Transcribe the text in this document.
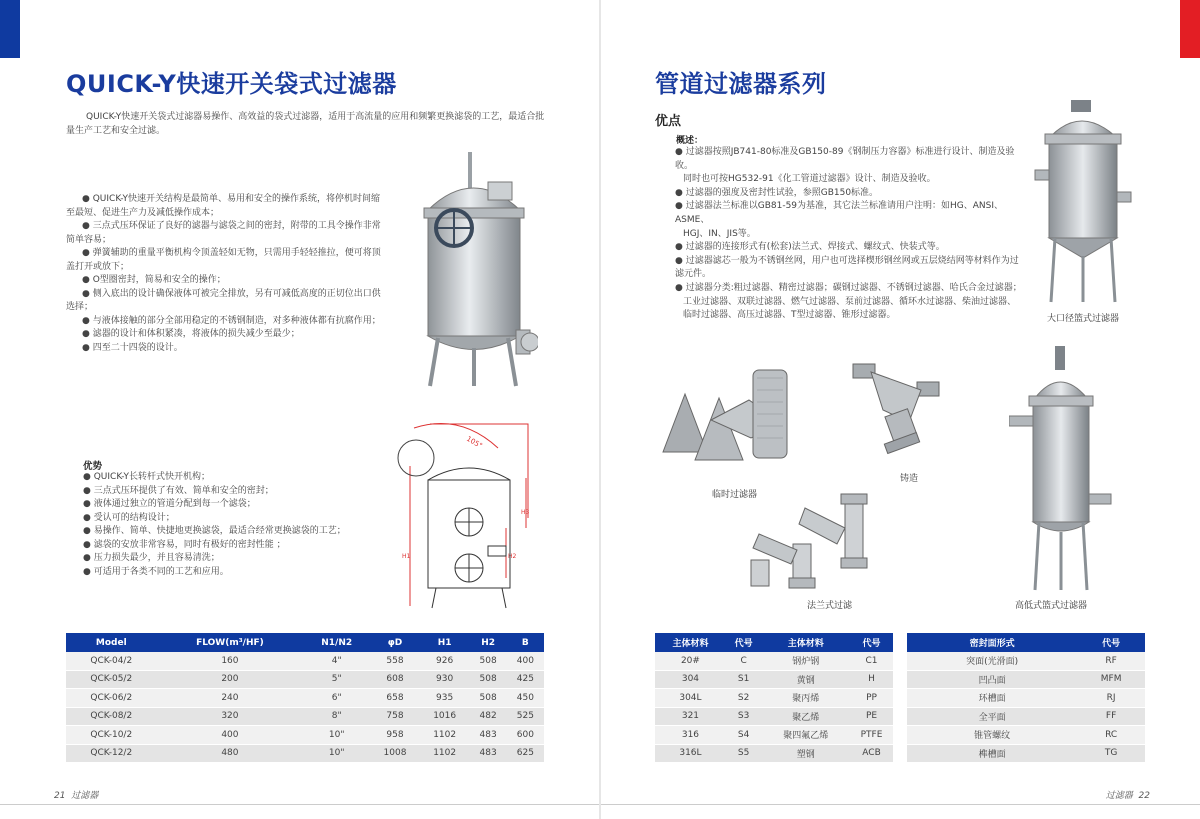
QUICK-Y快速开关袋式过滤器
QUICK-Y快速开关袋式过滤器易操作、高效益的袋式过滤器，适用于高流量的应用和频繁更换滤袋的工艺，最适合批量生产工艺和安全过滤。
● QUICK-Y快速开关结构是最简单、易用和安全的操作系统，将停机时间缩至最短、促进生产力及减低操作成本；
● 三点式压环保证了良好的滤器与滤袋之间的密封，附带的工具令操作非常简单容易；
● 弹簧辅助的重量平衡机构令顶盖轻如无物，只需用手轻轻推拉，便可将顶盖打开或放下；
● O型圈密封，简易和安全的操作；
● 侧入底出的设计确保液体可被完全排放，另有可减低高度的正切位出口供选择；
● 与液体接触的部分全部用稳定的不锈钢制造，对多种液体都有抗腐作用；
● 滤器的设计和体积紧凑，将液体的损失减少至最少；
● 四至二十四袋的设计。
105°
H1	H2
H3
优势
● QUICK-Y长转杆式快开机构；
● 三点式压环提供了有效、简单和安全的密封；
● 液体通过独立的管道分配到每一个滤袋；
● 受认可的结构设计；
● 易操作、简单、快捷地更换滤袋，最适合经常更换滤袋的工艺；
● 滤袋的安放非常容易，同时有极好的密封性能 ；
● 压力损失最少，并且容易清洗；
● 可适用于各类不同的工艺和应用。
Model	FLOW(m³/HF)	N1/N2	φD	H1	H2	B
QCK-04/2	160	4"	558	926	508	400
QCK-05/2	200	5"	608	930	508	425
QCK-06/2	240	6"	658	935	508	450
QCK-08/2	320	8"	758	1016	482	525
QCK-10/2	400	10"	958	1102	483	600
QCK-12/2	480	10"	1008	1102	483	625
21 过滤器
管道过滤器系列
优点
概述：
● 过滤器按照JB741-80标准及GB150-89《钢制压力容器》标准进行设计、制造及验收。
同时也可按HG532-91《化工管道过滤器》设计、制造及验收。
● 过滤器的强度及密封性试验，参照GB150标准。
● 过滤器法兰标准以GB81-59为基准，其它法兰标准请用户注明：如HG、ANSI、ASME、
HGJ、IN、JIS等。
● 过滤器的连接形式有(松套)法兰式、焊接式、螺纹式、快装式等。
● 过滤器滤芯一般为不锈钢丝网，用户也可选择楔形钢丝网或五层烧结网等材料作为过滤元件。
● 过滤器分类:粗过滤器、精密过滤器；碳钢过滤器、不锈钢过滤器、哈氏合金过滤器；
工业过滤器、双联过滤器、燃气过滤器、泵前过滤器、循环水过滤器、柴油过滤器、
临时过滤器、高压过滤器、T型过滤器、锥形过滤器。	大口径篮式过滤器
临时过滤器
铸造
法兰式过滤	高低式篮式过滤器
主体材料	代号	主体材料	代号
20#	C	钢炉钢	C1
304	S1	黄钢	H
304L	S2	聚丙烯	PP
321	S3	聚乙烯	PE
316	S4	聚四氟乙烯	PTFE
316L	S5	塑钢	ACB
密封面形式	代号
突面(光滑面)	RF
凹凸面	MFM
环槽面	RJ
全平面	FF
锥管螺纹	RC
榫槽面	TG
过滤器 22
